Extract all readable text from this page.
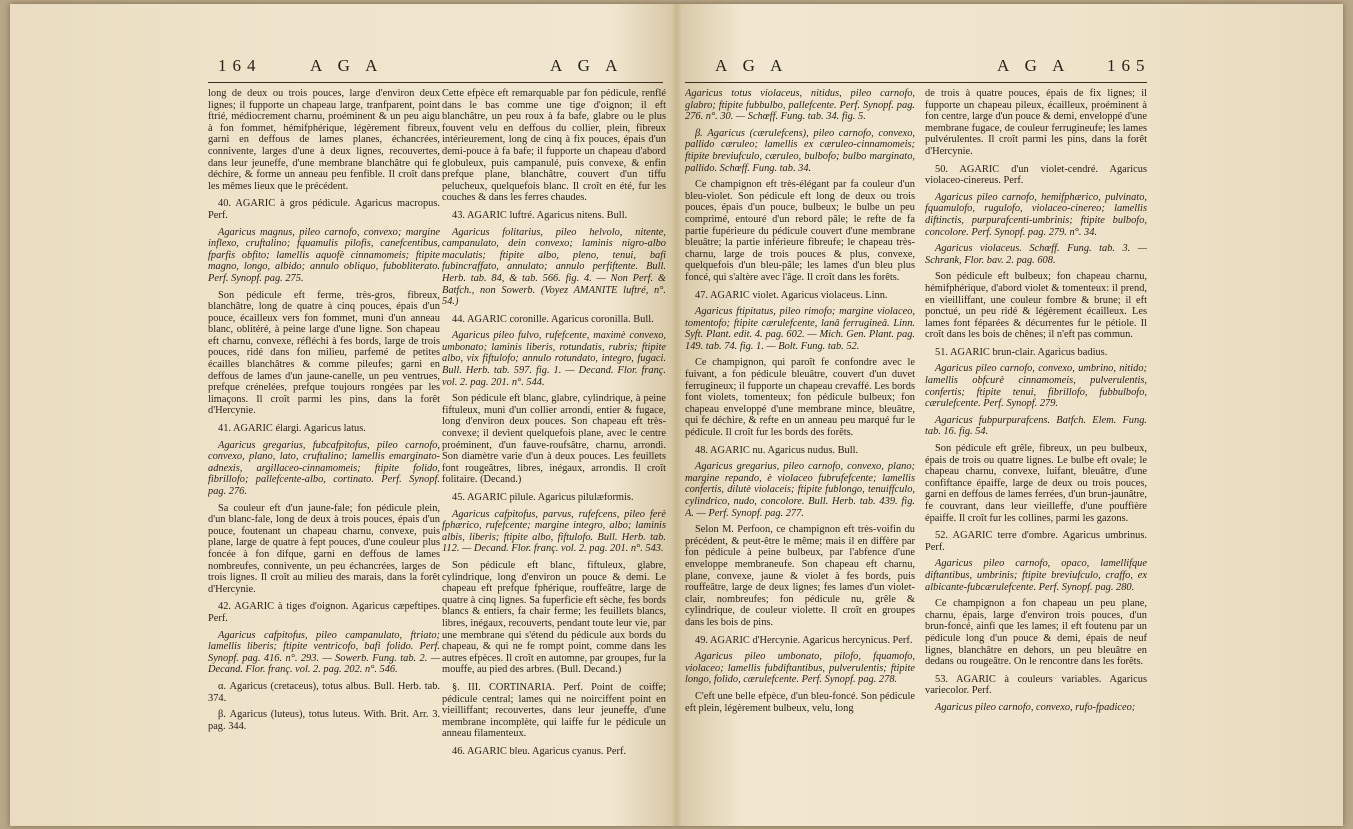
164	A G A	A G A

long de deux ou trois pouces, large d'environ deux lignes; il fupporte un chapeau large, tranfparent, point ftrié, médiocrement charnu, proéminent & un peu aigu à fon fommet, hémifphérique, légèrement fibreux, garni en deffous de lames planes, échancrées, connivente, larges d'une à deux lignes, recouvertes, dans leur jeuneffe, d'une membrane blanchâtre qui fe déchire, & forme un anneau peu fenfible. Il croît dans les mêmes lieux que le précédent.

40. AGARIC à gros pédicule. Agaricus macropus. Perf.

Agaricus magnus, pileo carnofo, convexo; margine inflexo, cruftalino; fquamulis pilofis, canefcentibus, fparfis obfito; lamellis aquofè cinnamomeis; ftipite magno, longo, albido; annulo obliquo, fubobliterato. Perf. Synopf. pag. 275.

Son pédicule eft ferme, très-gros, fibreux, blanchâtre, long de quatre à cinq pouces, épais d'un pouce, écailleux vers fon fommet, muni d'un anneau blanc, oblitéré, à peine large d'une ligne. Son chapeau eft charnu, convexe, réfléchi à fes bords, large de trois pouces, ridé dans fon milieu, parfemé de petites écailles blanchâtres & comme pileufes; garni en deffous de lames d'un jaune-canelle, un peu ventrues, prefque crénelées, prefque toujours rongées par les limaçons. Il croît parmi les pins, dans la forêt d'Hercynie.

41. AGARIC élargi. Agaricus latus.

Agaricus gregarius, fubcafpitofus, pileo carnofo, convexo, plano, lato, cruftalino; lamellis emarginato-adnexis, argillaceo-cinnamomeis; ftipite folido, fibrillofo; pallefcente-albo, cortinato. Perf. Synopf. pag. 276.

Sa couleur eft d'un jaune-fale; fon pédicule plein, d'un blanc-fale, long de deux à trois pouces, épais d'un pouce, foutenant un chapeau charnu, convexe, puis plane, large de quatre à fept pouces, d'une couleur plus foncée à fon difque, garni en deffous de lames nombreufes, connivente, un peu échancrées, larges de trois lignes. Il croît au milieu des marais, dans la forêt d'Hercynie.

42. AGARIC à tiges d'oignon. Agaricus cæpeftipes. Perf.

Agaricus cafpitofus, pileo campanulato, ftriato; lamellis liberis; ftipite ventricofo, bafi folido. Perf. Synopf. pag. 416. n°. 293. — Sowerb. Fung. tab. 2. — Decand. Flor. franç. vol. 2. pag. 202. n°. 546.

α. Agaricus (cretaceus), totus albus. Bull. Herb. tab. 374.

β. Agaricus (luteus), totus luteus. With. Brit. Arr. 3. pag. 344.

Cette efpèce eft remarquable par fon pédicule, renflé dans le bas comme une tige d'oignon; il eft blanchâtre, un peu roux à fa bafe, glabre ou le plus fouvent velu en deffous du collier, plein, fibreux intérieurement, long de cinq à fix pouces, épais d'un demi-pouce à fa bafe; il fupporte un chapeau d'abord globuleux, puis campanulé, puis convexe, & enfin prefque plane, blanchâtre, couvert d'un tiffu pelucheux, quelquefois blanc. Il croît en été, fur les couches & dans les ferres chaudes.

43. AGARIC luftré. Agaricus nitens. Bull.

Agaricus folitarius, pileo helvolo, nitente, campanulato, dein convexo; laminis nigro-albo maculatis; ftipite albo, pleno, tenui, bafi fubincraffato, annulato; annulo perfiftente. Bull. Herb. tab. 84, & tab. 566. fig. 4. — Non Perf. & Batfch., non Sowerb. (Voyez AMANITE luftré, n°. 54.)

44. AGARIC coronille. Agaricus coronilla. Bull.

Agaricus pileo fulvo, rufefcente, maximè convexo, umbonato; laminis liberis, rotundatis, rubris; ftipite albo, vix fiftulofo; annulo rotundato, integro, fugaci. Bull. Herb. tab. 597. fig. 1. — Decand. Flor. franç. vol. 2. pag. 201. n°. 544.

Son pédicule eft blanc, glabre, cylindrique, à peine fiftuleux, muni d'un collier arrondi, entier & fugace, long d'environ deux pouces. Son chapeau eft très-convexe; il devient quelquefois plane, avec le centre proéminent, d'un fauve-roufsâtre, charnu, arrondi. Son diamètre varie d'un à deux pouces. Les feuillets font rougeâtres, libres, inégaux, arrondis. Il croît folitaire. (Decand.)

45. AGARIC pilule. Agaricus pilulæformis.

Agaricus cafpitofus, parvus, rufefcens, pileo ferè fphærico, rufefcente; margine integro, albo; laminis albis, liberis; ftipite albo, fiftulofo. Bull. Herb. tab. 112. — Decand. Flor. franç. vol. 2. pag. 201. n°. 543.

Son pédicule eft blanc, fiftuleux, glabre, cylindrique, long d'environ un pouce & demi. Le chapeau eft prefque fphérique, rouffeâtre, large de quatre à cinq lignes. Sa fuperficie eft sèche, fes bords blancs & entiers, fa chair ferme; les feuillets blancs, libres, inégaux, recouverts, pendant toute leur vie, par une membrane qui s'étend du pédicule aux bords du chapeau, & qui ne fe rompt point, comme dans les autres efpèces. Il croît en automne, par groupes, fur la mouffe, au pied des arbres. (Bull. Decand.)

§. III. CORTINARIA. Perf. Point de coiffe; pédicule central; lames qui ne noirciffent point en vieilliffant; recouvertes, dans leur jeuneffe, d'une membrane incomplète, qui laiffe fur le pédicule un anneau filamenteux.

46. AGARIC bleu. Agaricus cyanus. Perf.

A G A	A G A 165

Agaricus totus violaceus, nitidus, pileo carnofo, glabro; ftipite fubbulbo, pallefcente. Perf. Synopf. pag. 276. n°. 30. — Schœff. Fung. tab. 34. fig. 5.

β. Agaricus (cærulefcens), pileo carnofo, convexo, pallido cæruleo; lamellis ex cæruleo-cinnamomeis; ftipite breviufculo, cæruleo, bulbofo; bulbo marginato, pallido. Schœff. Fung. tab. 34.

Ce champignon eft très-élégant par fa couleur d'un bleu-violet. Son pédicule eft long de deux ou trois pouces, épais d'un pouce, bulbeux; le bulbe un peu comprimé, entouré d'un rebord pâle; le refte de fa partie fupérieure du pédicule couvert d'une membrane bleuâtre; la partie inférieure fibreufe; le chapeau très-charnu, large de trois pouces & plus, convexe, quelquefois d'un bleu-pâle; les lames d'un bleu plus foncé, qui s'altère avec l'âge. Il croît dans les forêts.

47. AGARIC violet. Agaricus violaceus. Linn.

Agaricus ftipitatus, pileo rimofo; margine violaceo, tomentofo; ftipite cærulefcente, lanâ ferrugineâ. Linn. Syft. Plant. edit. 4. pag. 602. — Mich. Gen. Plant. pag. 149. tab. 74. fig. 1. — Bolt. Fung. tab. 52.

Ce champignon, qui paroît fe confondre avec le fuivant, a fon pédicule bleuâtre, couvert d'un duvet ferrugineux; il fupporte un chapeau crevaffé. Les bords font violets, tomenteux; fon pédicule bulbeux; fon chapeau enveloppé d'une membrane mince, bleuâtre, qui fe déchire, & refte en un anneau peu marqué fur le pédicule. Il croît fur les bords des forêts.

48. AGARIC nu. Agaricus nudus. Bull.

Agaricus gregarius, pileo carnofo, convexo, plano; margine repando, è violaceo fubrufefcente; lamellis confertis, dilutè violaceis; ftipite fublongo, tenuiffculo, cylindrico, nudo, concolore. Bull. Herb. tab. 439. fig. A. — Perf. Synopf. pag. 277.

Selon M. Perfoon, ce champignon eft très-voifin du précédent, & peut-être le même; mais il en diffère par fon pédicule à peine bulbeux, par l'abfence d'une enveloppe membraneufe. Son chapeau eft charnu, plane, convexe, jaune & violet à fes bords, puis rouffeâtre, large de deux lignes; fes lames d'un violet-clair, nombreufes; fon pédicule nu, grêle & cylindrique, de couleur violette. Il croît en groupes dans les bois de pins.

49. AGARIC d'Hercynie. Agaricus hercynicus. Perf.

Agaricus pileo umbonato, pilofo, fquamofo, violaceo; lamellis fubdiftantibus, pulverulentis; ftipite longo, folido, cærulefcente. Perf. Synopf. pag. 278.

C'eft une belle efpèce, d'un bleu-foncé. Son pédicule eft plein, légèrement bulbeux, velu, long

de trois à quatre pouces, épais de fix lignes; il fupporte un chapeau pileux, écailleux, proéminent à fon centre, large d'un pouce & demi, enveloppé d'une membrane fugace, de couleur ferrugineufe; les lames pulvérulentes. Il croît parmi les pins, dans la forêt d'Hercynie.

50. AGARIC d'un violet-cendré. Agaricus violaceo-cinereus. Perf.

Agaricus pileo carnofo, hemifphærico, pulvinato, fquamulofo, rugulofo, violaceo-cinereo; lamellis diftinctis, purpurafcenti-umbrinis; ftipite bulbofo, concolore. Perf. Synopf. pag. 279. n°. 34.

Agaricus violaceus. Schœff. Fung. tab. 3. — Schrank, Flor. bav. 2. pag. 608.

Son pédicule eft bulbeux; fon chapeau charnu, hémifphérique, d'abord violet & tomenteux: il prend, en vieilliffant, une couleur fombre & brune; il eft ponctué, un peu ridé & légèrement écailleux. Les lames font féparées & décurrentes fur le pétiole. Il croît dans les bois de chênes; il n'eft pas commun.

51. AGARIC brun-clair. Agaricus badius.

Agaricus pileo carnofo, convexo, umbrino, nitido; lamellis obfcurè cinnamomeis, pulverulentis, confertis; ftipite tenui, fibrillofo, fubbulbofo, cærulefcente. Perf. Synopf. 279.

Agaricus fubpurpurafcens. Batfch. Elem. Fung. tab. 16. fig. 54.

Son pédicule eft grêle, fibreux, un peu bulbeux, épais de trois ou quatre lignes. Le bulbe eft ovale; le chapeau charnu, convexe, luifant, bleuâtre, d'une confiftance épaiffe, large de deux ou trois pouces, garni en deffous de lames ferrées, d'un brun-jaunâtre, fe couvrant, dans leur vieilleffe, d'une pouffière épaiffe. Il croît fur les collines, parmi les gazons.

52. AGARIC terre d'ombre. Agaricus umbrinus. Perf.

Agaricus pileo carnofo, opaco, lamellifque diftantibus, umbrinis; ftipite breviufculo, craffo, ex albicante-fubcærulefcente. Perf. Synopf. pag. 280.

Ce champignon a fon chapeau un peu plane, charnu, épais, large d'environ trois pouces, d'un brun-foncé, ainfi que les lames; il eft foutenu par un pédicule long d'un pouce & demi, épais de neuf lignes, blanchâtre en dehors, un peu bleuâtre en dedans ou rougeâtre. On le rencontre dans les forêts.

53. AGARIC à couleurs variables. Agaricus variecolor. Perf.

Agaricus pileo carnofo, convexo, rufo-fpadiceo;
